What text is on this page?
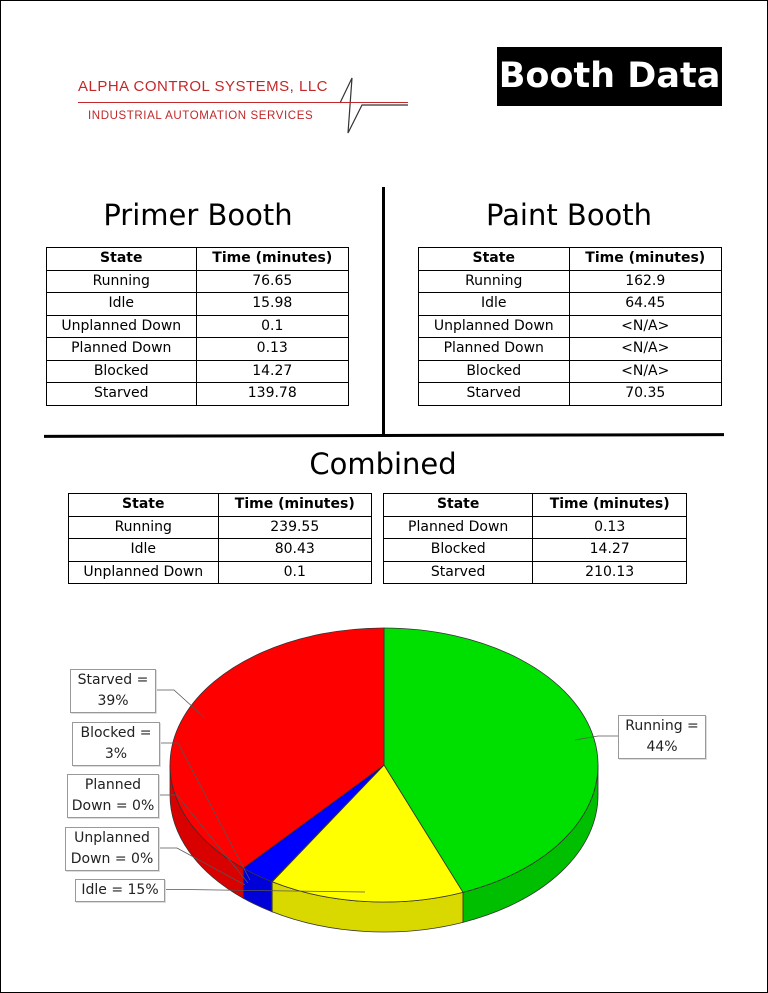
ALPHA CONTROL SYSTEMS, LLC
INDUSTRIAL AUTOMATION SERVICES
Booth Data
Primer Booth	Paint Booth
Combined
State	Time (minutes)
Running	76.65
Idle	15.98
Unplanned Down	0.1
Planned Down	0.13
Blocked	14.27
Starved	139.78
State	Time (minutes)
Running	162.9
Idle	64.45
Unplanned Down	<N/A>
Planned Down	<N/A>
Blocked	<N/A>
Starved	70.35
State	Time (minutes)
Running	239.55
Idle	80.43
Unplanned Down	0.1
State	Time (minutes)
Planned Down	0.13
Blocked	14.27
Starved	210.13
Running =
44%
Idle = 15%
Unplanned
Down = 0%
Planned
Down = 0%
Blocked =
3%
Starved =
39%
